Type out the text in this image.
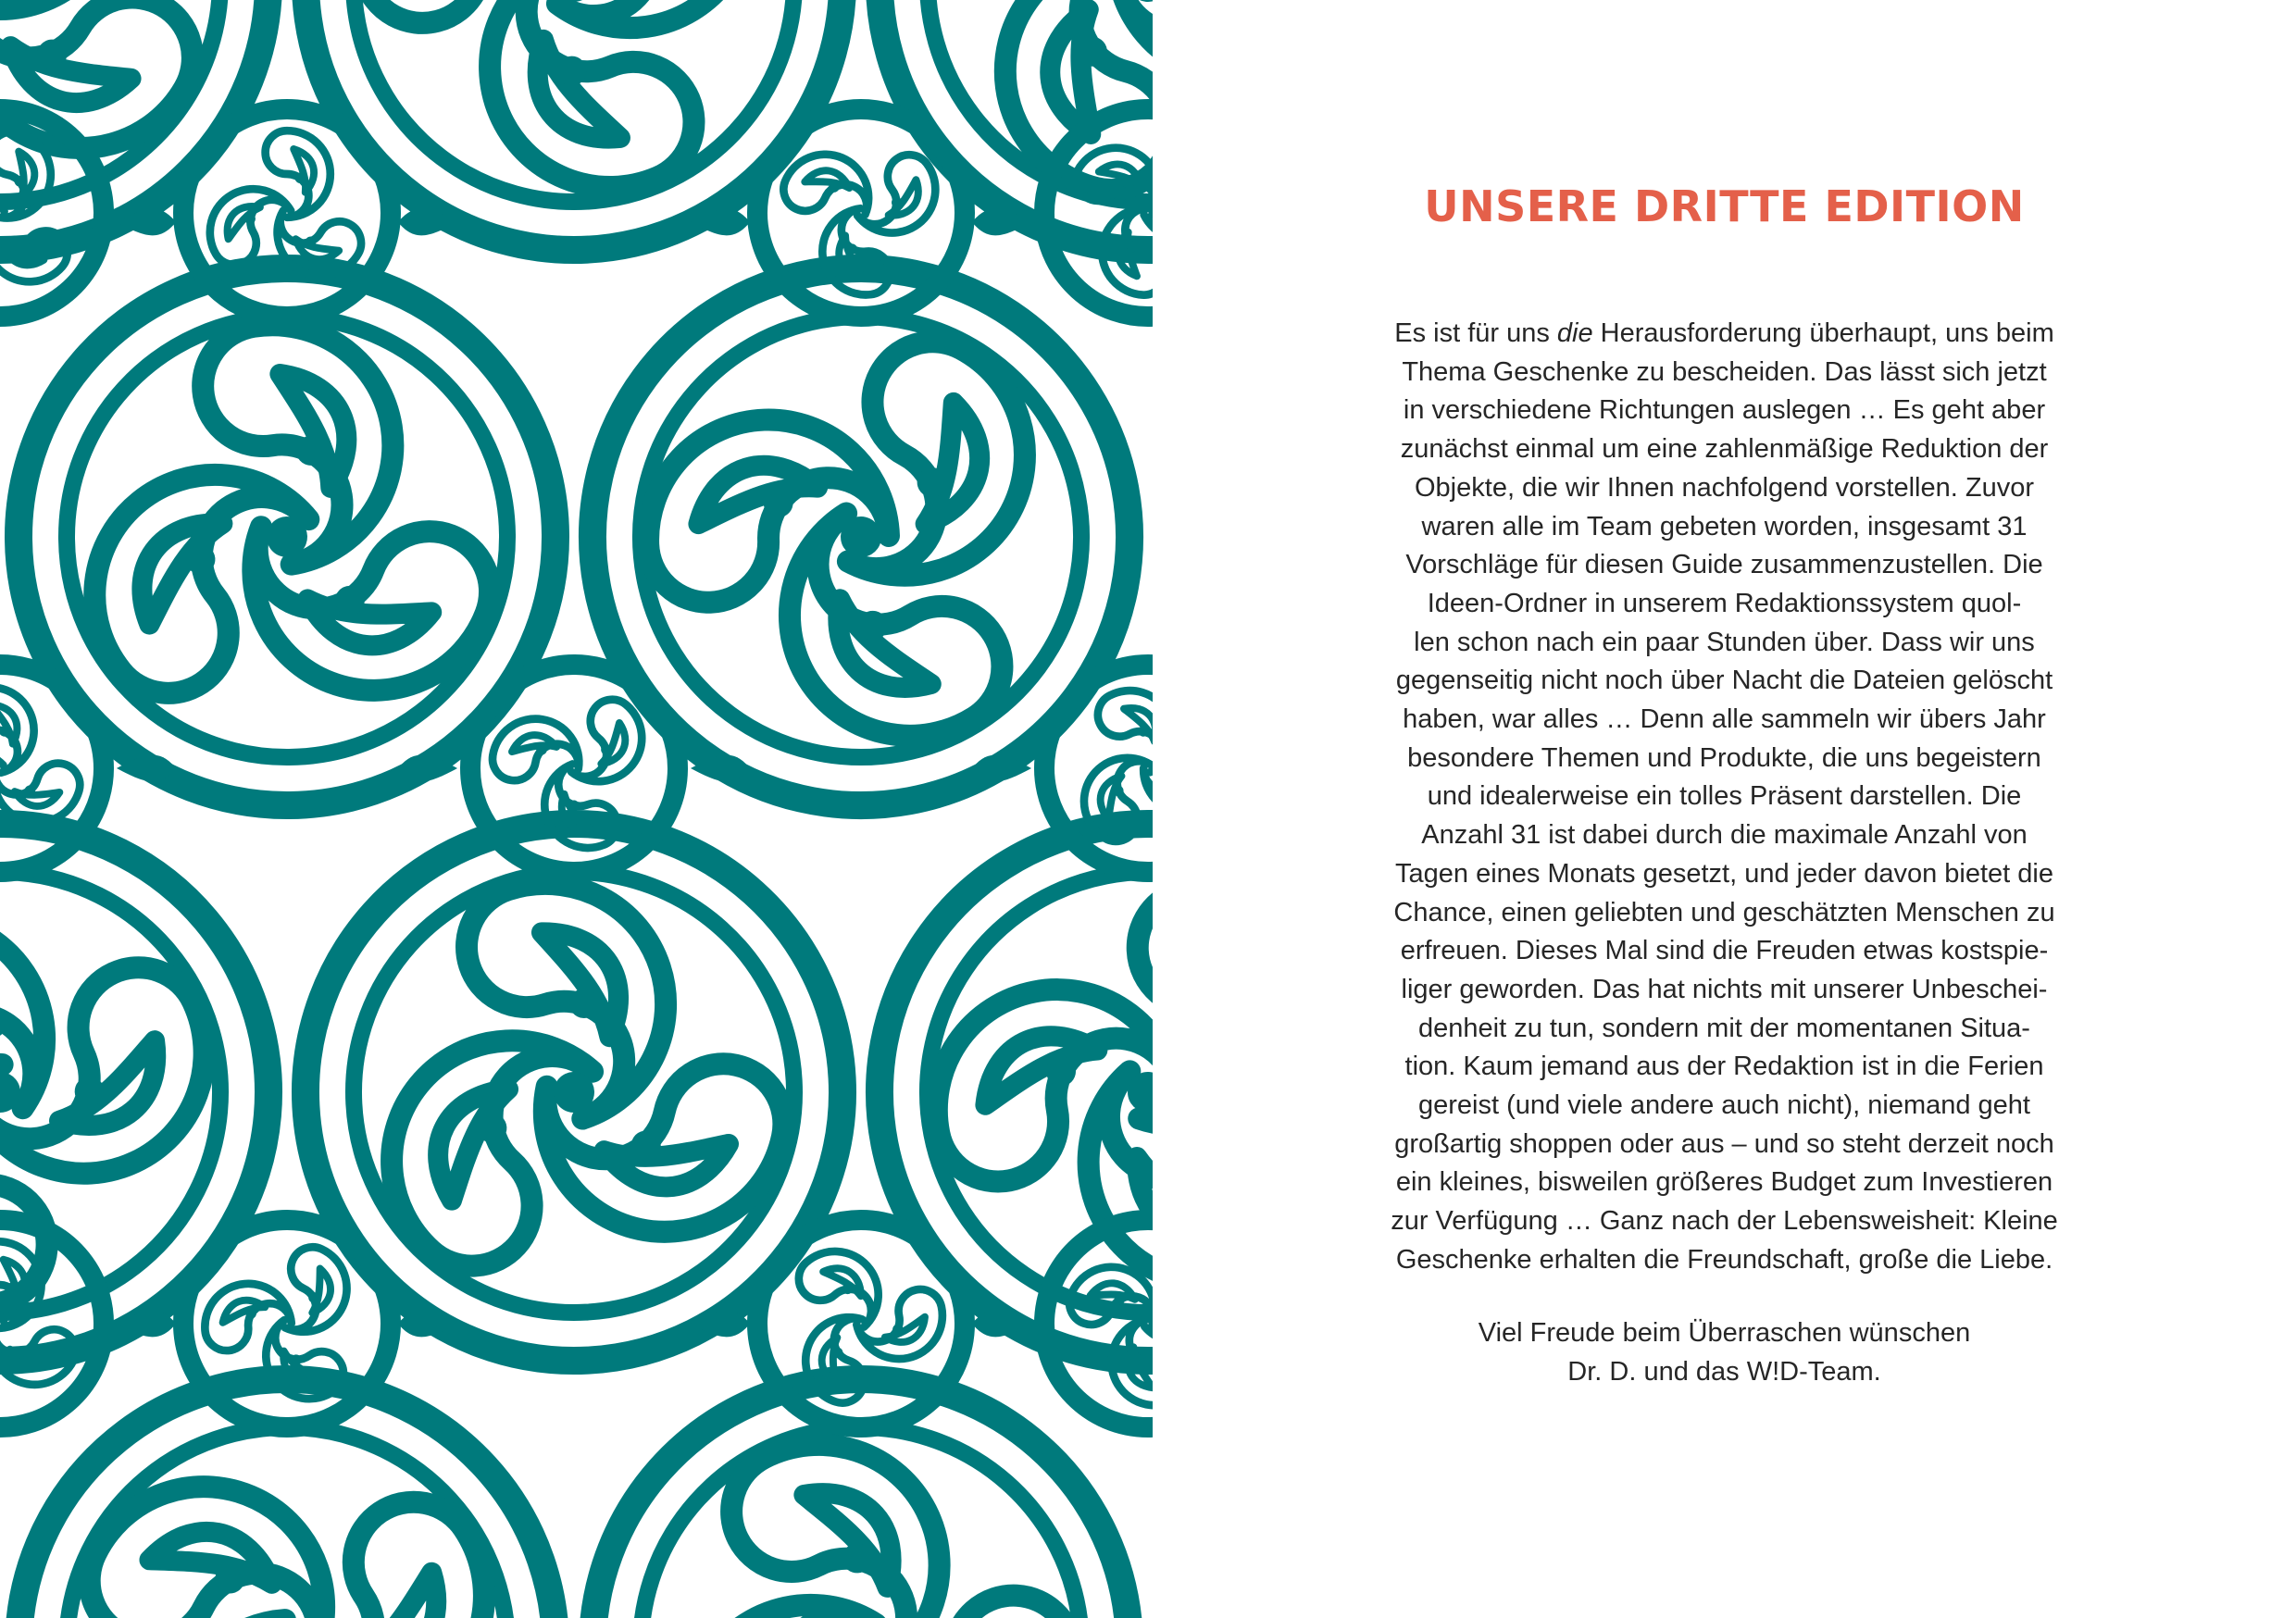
UNSERE DRITTE EDITION

Es ist für uns die Herausforderung überhaupt, uns beim
Thema Geschenke zu bescheiden. Das lässt sich jetzt
in verschiedene Richtungen auslegen … Es geht aber
zunächst einmal um eine zahlenmäßige Reduktion der
Objekte, die wir Ihnen nachfolgend vorstellen. Zuvor
waren alle im Team gebeten worden, insgesamt 31
Vorschläge für diesen Guide zusammenzustellen. Die
Ideen-Ordner in unserem Redaktionssystem quol-
len schon nach ein paar Stunden über. Dass wir uns
gegenseitig nicht noch über Nacht die Dateien gelöscht
haben, war alles … Denn alle sammeln wir übers Jahr
besondere Themen und Produkte, die uns begeistern
und idealerweise ein tolles Präsent darstellen. Die
Anzahl 31 ist dabei durch die maximale Anzahl von
Tagen eines Monats gesetzt, und jeder davon bietet die
Chance, einen geliebten und geschätzten Menschen zu
erfreuen. Dieses Mal sind die Freuden etwas kostspie-
liger geworden. Das hat nichts mit unserer Unbeschei-
denheit zu tun, sondern mit der momentanen Situa-
tion. Kaum jemand aus der Redaktion ist in die Ferien
gereist (und viele andere auch nicht), niemand geht
großartig shoppen oder aus – und so steht derzeit noch
ein kleines, bisweilen größeres Budget zum Investieren
zur Verfügung … Ganz nach der Lebensweisheit: Kleine
Geschenke erhalten die Freundschaft, große die Liebe.

Viel Freude beim Überraschen wünschen
Dr. D. und das W!D-Team.
